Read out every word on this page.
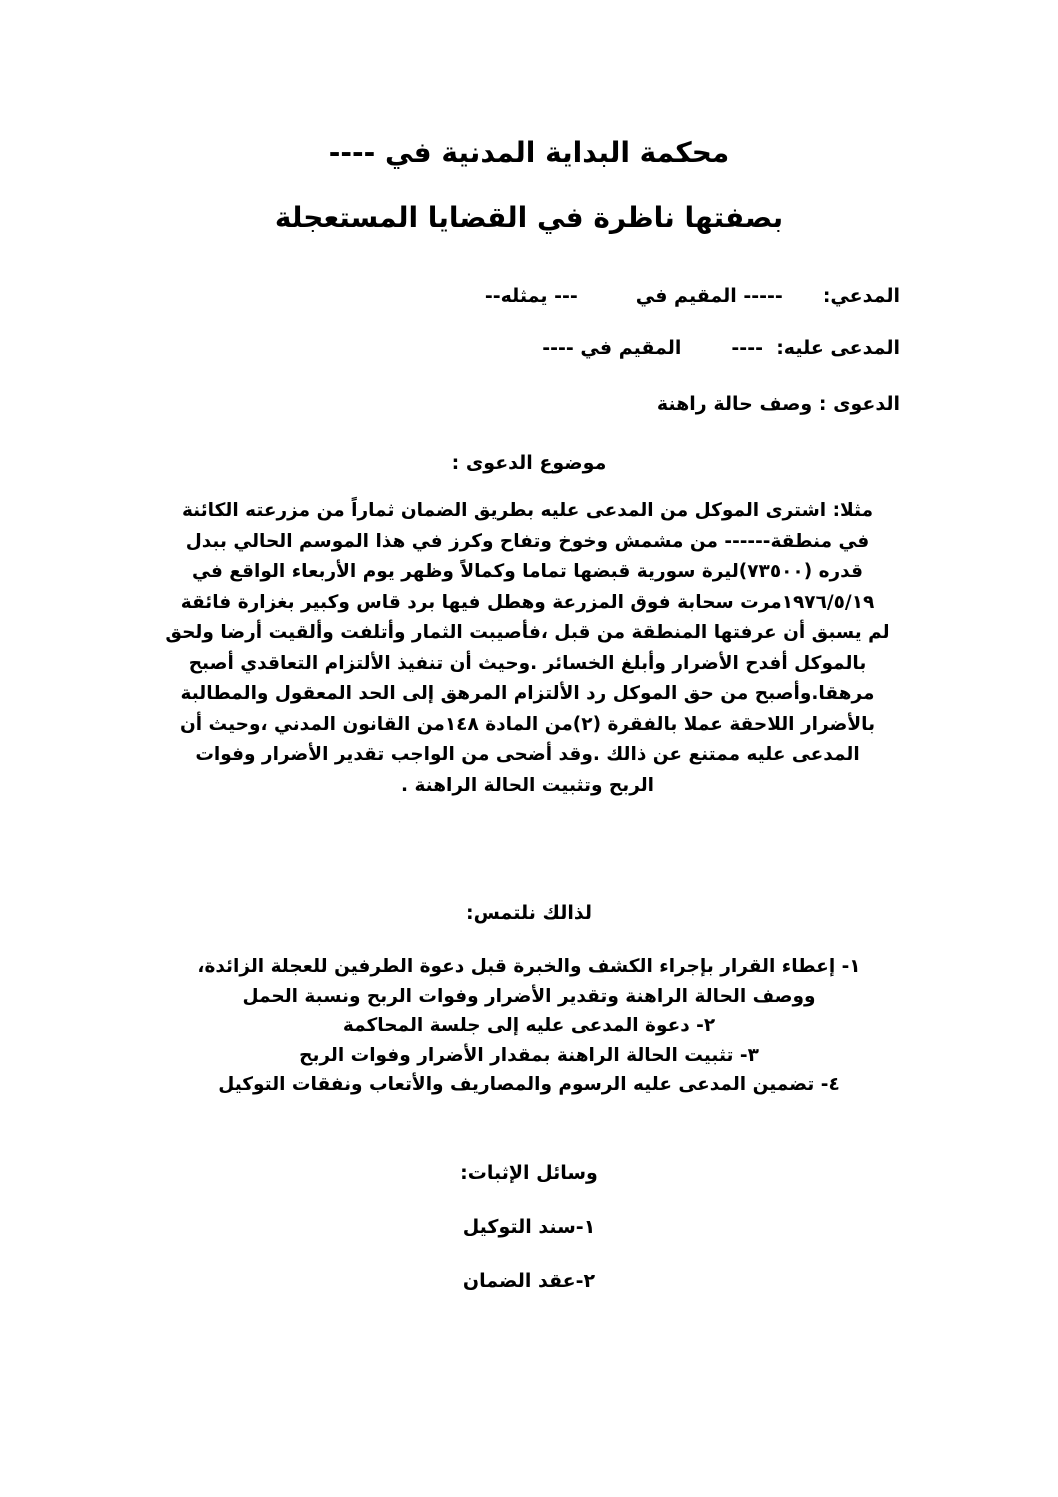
محكمة البداية المدنية في ----
بصفتها ناظرة في القضايا المستعجلة
المدعي:----- المقيم في--- يمثله--
المدعى عليه:  ----المقيم في ----
الدعوى : وصف حالة راهنة
موضوع الدعوى :
مثلا: اشترى الموكل من المدعى عليه بطريق الضمان ثماراً من مزرعته الكائنة
في منطقة------ من مشمش وخوخ وتفاح وكرز في هذا الموسم الحالي ببدل
قدره (٧٣٥٠٠)ليرة سورية قبضها تماما وكمالاً وظهر يوم الأربعاء الواقع في
١٩٧٦/٥/١٩مرت سحابة فوق المزرعة وهطل فيها برد قاس وكبير بغزارة فائقة
لم يسبق أن عرفتها المنطقة من قبل ،فأصيبت الثمار وأتلفت وألقيت أرضا ولحق
بالموكل أفدح الأضرار وأبلغ الخسائر .وحيث أن تنفيذ الألتزام التعاقدي أصبح
مرهقا.وأصبح من حق الموكل رد الألتزام المرهق إلى الحد المعقول والمطالبة
بالأضرار اللاحقة عملا بالفقرة (٢)من المادة ١٤٨من القانون المدني ،وحيث أن
المدعى عليه ممتنع عن ذالك .وقد أضحى من الواجب تقدير الأضرار وفوات
الربح وتثبيت الحالة الراهنة .
لذالك نلتمس:
١- إعطاء القرار بإجراء الكشف والخبرة قبل دعوة الطرفين للعجلة الزائدة،
ووصف الحالة الراهنة وتقدير الأضرار وفوات الربح ونسبة الحمل
٢- دعوة المدعى عليه إلى جلسة المحاكمة
٣- تثبيت الحالة الراهنة بمقدار الأضرار وفوات الربح
٤- تضمين المدعى عليه الرسوم والمصاريف والأتعاب ونفقات التوكيل
وسائل الإثبات:
١-سند التوكيل
٢-عقد الضمان
